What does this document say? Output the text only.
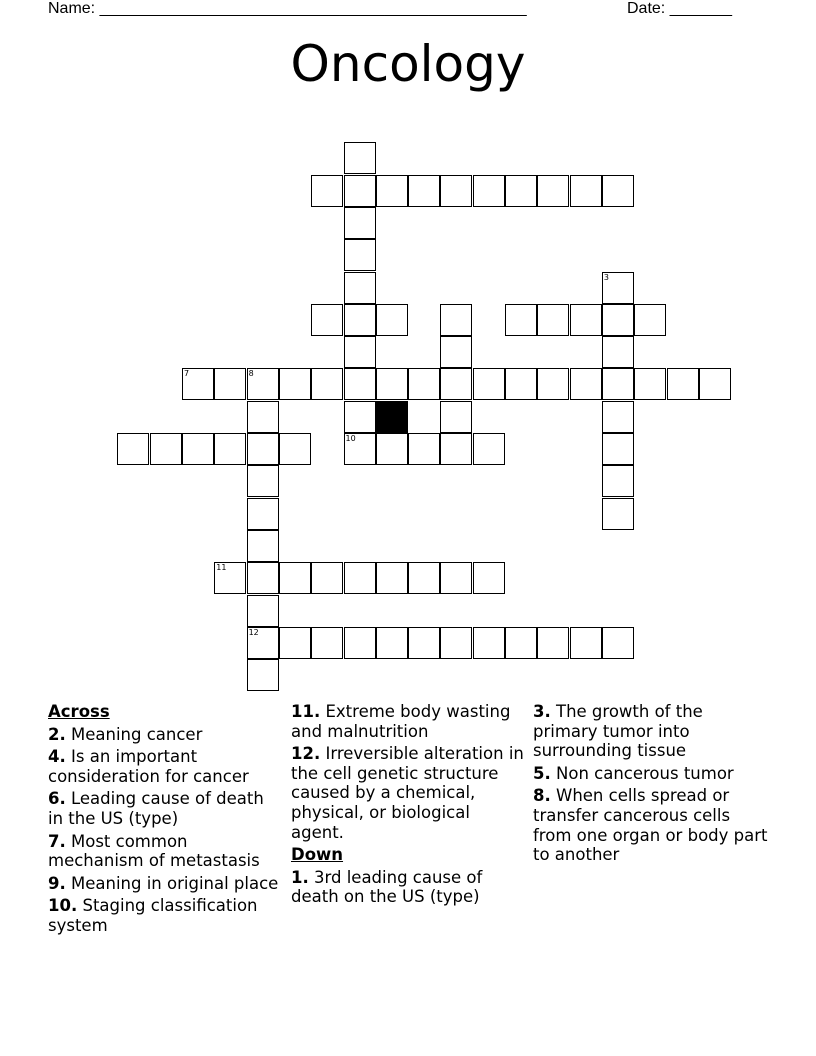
Name: ________________________________________________	Date: _______
Oncology
10
3
7	8
12
11
Across
2. Meaning cancer
4. Is an important consideration for cancer
6. Leading cause of death in the US (type)
7. Most common mechanism of metastasis
9. Meaning in original place
10. Staging classification system
11. Extreme body wasting and malnutrition
12. Irreversible alteration in the cell genetic structure caused by a chemical, physical, or biological agent.
Down
1. 3rd leading cause of death on the US (type)
3. The growth of the primary tumor into surrounding tissue
5. Non cancerous tumor
8. When cells spread or transfer cancerous cells from one organ or body part to another
